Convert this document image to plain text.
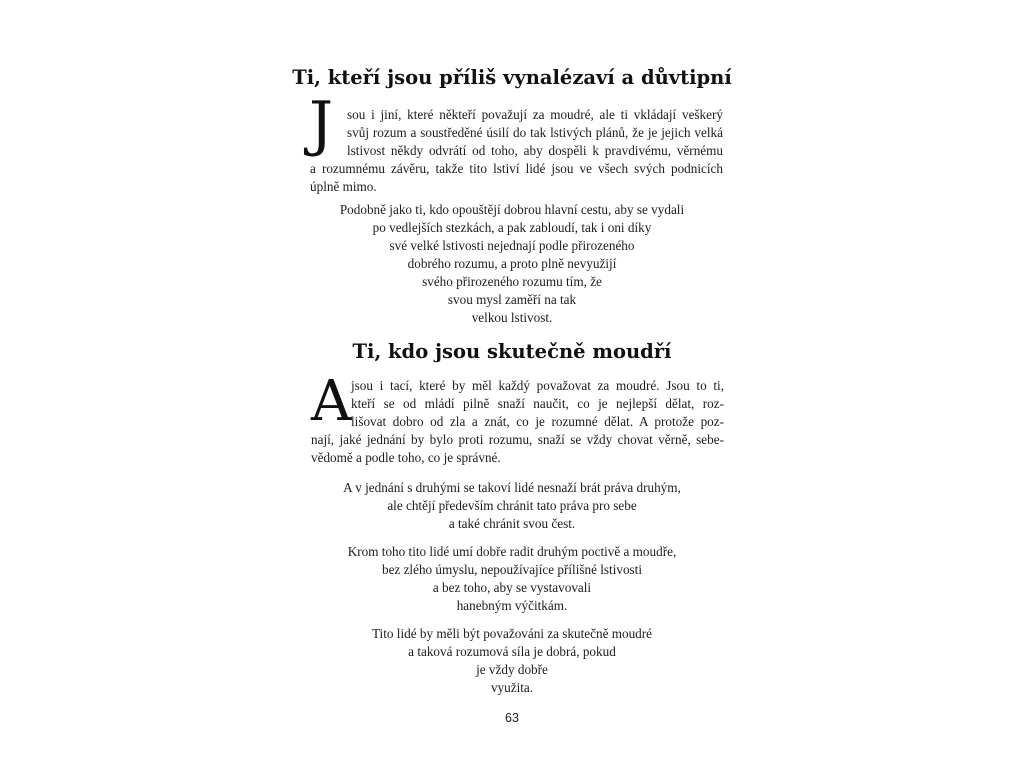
Ti, kteří jsou příliš vynalézaví a důvtipní
J sou i jiní, které někteří považují za moudré, ale ti vkládají veškerý
svůj rozum a soustředěné úsilí do tak lstivých plánů, že je jejich velká
lstivost někdy odvrátí od toho, aby dospěli k pravdivému, věrnému
a rozumnému závěru, takže tito lstiví lidé jsou ve všech svých podnicích
úplně mimo.
Podobně jako ti, kdo opouštějí dobrou hlavní cestu, aby se vydali
po vedlejších stezkách, a pak zabloudí, tak i oni díky
své velké lstivosti nejednají podle přirozeného
dobrého rozumu, a proto plně nevyužijí
svého přirozeného rozumu tím, že
svou mysl zaměří na tak
velkou lstivost.
Ti, kdo jsou skutečně moudří
A jsou i tací, které by měl každý považovat za moudré. Jsou to ti,
kteří se od mládí pilně snaží naučit, co je nejlepší dělat, roz-
lišovat dobro od zla a znát, co je rozumné dělat. A protože poz-
nají, jaké jednání by bylo proti rozumu, snaží se vždy chovat věrně, sebe-
vědomě a podle toho, co je správné.
A v jednání s druhými se takoví lidé nesnaží brát práva druhým,
ale chtějí především chránit tato práva pro sebe
a také chránit svou čest.
Krom toho tito lidé umí dobře radit druhým poctivě a moudře,
bez zlého úmyslu, nepoužívajíce přílišné lstivosti
a bez toho, aby se vystavovali
hanebným výčitkám.
Tito lidé by měli být považováni za skutečně moudré
a taková rozumová síla je dobrá, pokud
je vždy dobře
využita.
63
